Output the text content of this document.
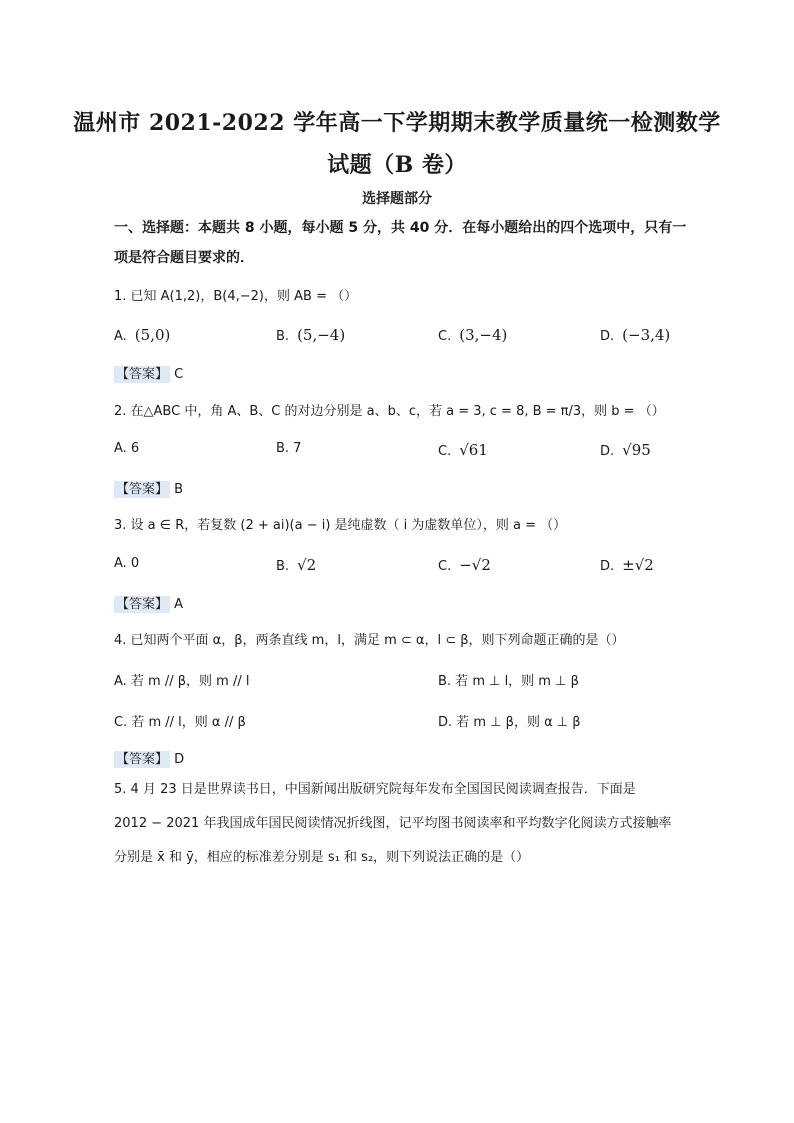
温州市 2021-2022 学年高一下学期期末教学质量统一检测数学
试题（B 卷）
选择题部分
一、选择题：本题共 8 小题，每小题 5 分，共 40 分．在每小题给出的四个选项中，只有一项是符合题目要求的．
1. 已知 A(1,2)，B(4,−2)，则 AB = （）
A. (5,0)	B. (5,−4)	C. (3,−4)	D. (−3,4)
【答案】 C
2. 在△ABC 中，角 A、B、C 的对边分别是 a、b、c，若 a = 3, c = 8, B = π/3，则 b = （）
A. 6	B. 7	C. √61	D. √95
【答案】 B
3. 设 a ∈ R，若复数 (2 + ai)(a − i) 是纯虚数（ i 为虚数单位），则 a = （）
A. 0	B. √2	C. −√2	D. ±√2
【答案】 A
4. 已知两个平面 α，β，两条直线 m，l，满足 m ⊂ α，l ⊂ β，则下列命题正确的是（）
A. 若 m // β，则 m // l	B. 若 m ⊥ l，则 m ⊥ β
C. 若 m // l，则 α // β	D. 若 m ⊥ β，则 α ⊥ β
【答案】 D
5. 4 月 23 日是世界读书日，中国新闻出版研究院每年发布全国国民阅读调查报告．下面是
2012 − 2021 年我国成年国民阅读情况折线图，记平均图书阅读率和平均数字化阅读方式接触率
分别是 x̄ 和 ȳ，相应的标准差分别是 s₁ 和 s₂，则下列说法正确的是（）
